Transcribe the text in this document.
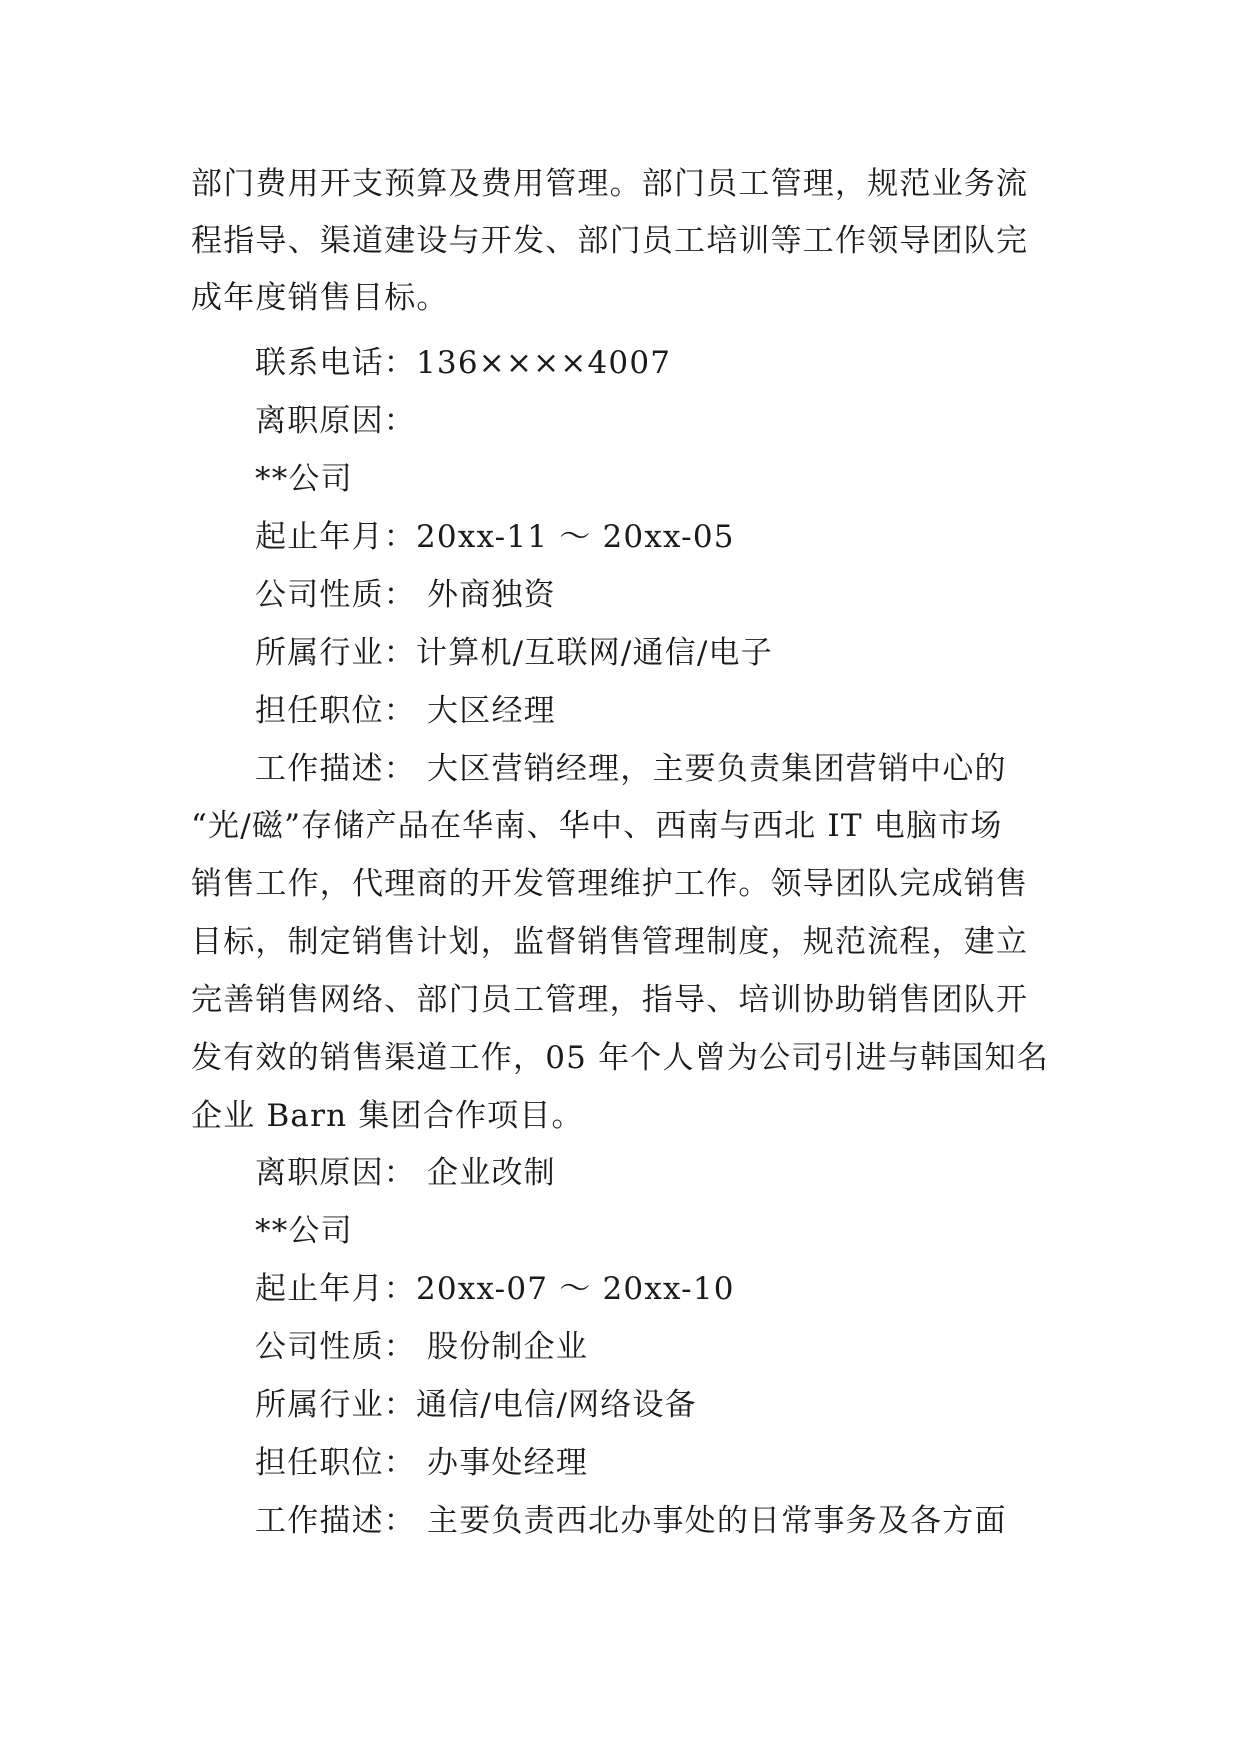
部门费用开支预算及费用管理。部门员工管理，规范业务流
程指导、渠道建设与开发、部门员工培训等工作领导团队完
成年度销售目标。
联系电话：136××××4007
离职原因：
**公司
起止年月：20xx-11 ～ 20xx-05
公司性质： 外商独资
所属行业：计算机/互联网/通信/电子
担任职位： 大区经理
工作描述： 大区营销经理，主要负责集团营销中心的
“光/磁”存储产品在华南、华中、西南与西北 IT 电脑市场
销售工作，代理商的开发管理维护工作。领导团队完成销售
目标，制定销售计划，监督销售管理制度，规范流程，建立
完善销售网络、部门员工管理，指导、培训协助销售团队开
发有效的销售渠道工作，05 年个人曾为公司引进与韩国知名
企业 Barn 集团合作项目。
离职原因： 企业改制
**公司
起止年月：20xx-07 ～ 20xx-10
公司性质： 股份制企业
所属行业：通信/电信/网络设备
担任职位： 办事处经理
工作描述： 主要负责西北办事处的日常事务及各方面
